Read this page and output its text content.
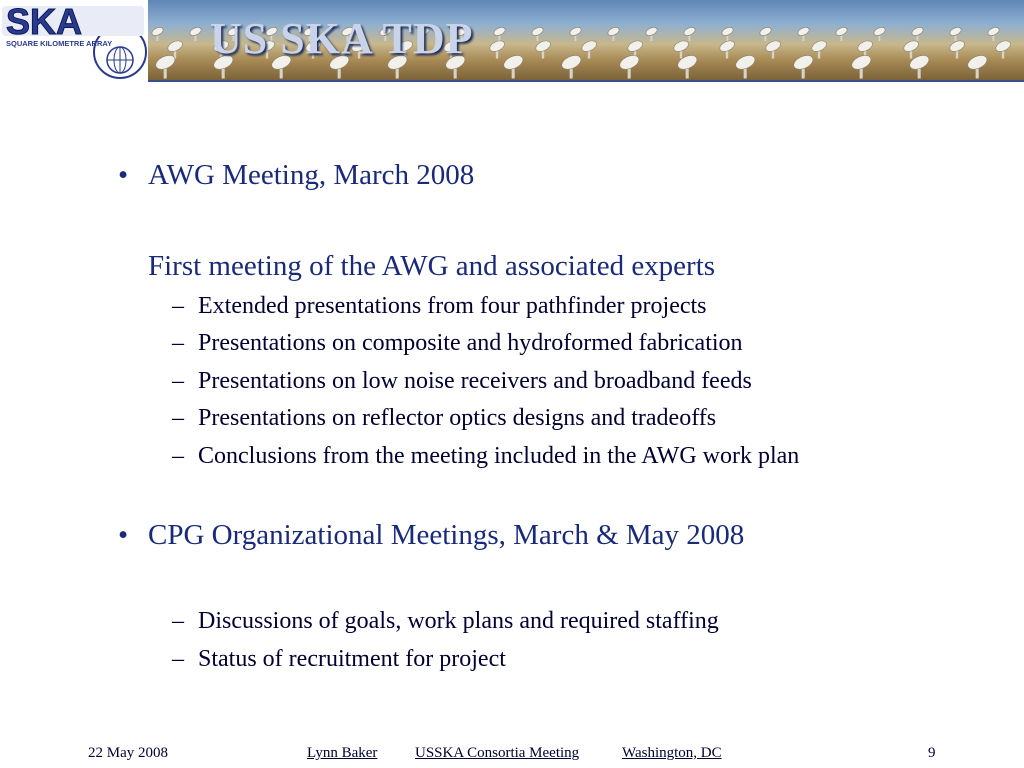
SKA
SQUARE KILOMETRE ARRAY US SKA TDP
• AWG Meeting, March 2008

First meeting of the AWG and associated experts

– Extended presentations from four pathfinder projects

– Presentations on composite and hydroformed fabrication

– Presentations on low noise receivers and broadband feeds

– Presentations on reflector optics designs and tradeoffs

– Conclusions from the meeting included in the AWG work plan

• CPG Organizational Meetings, March & May 2008

– Discussions of goals, work plans and required staffing

– Status of recruitment for project

22 May 2008	Lynn Baker	USSKA Consortia Meeting	Washington, DC	9
